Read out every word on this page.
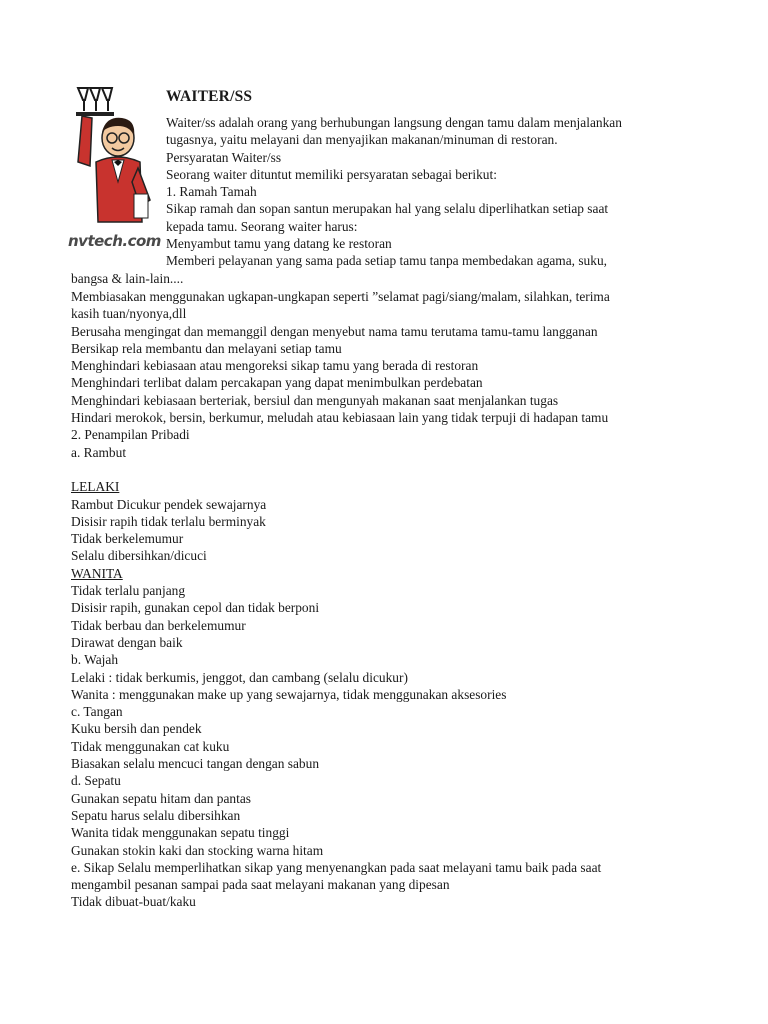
nvtech.com
WAITER/SS
Waiter/ss adalah orang yang berhubungan langsung dengan tamu dalam menjalankan
tugasnya, yaitu melayani dan menyajikan makanan/minuman di restoran.
Persyaratan Waiter/ss
Seorang waiter dituntut memiliki persyaratan sebagai berikut:
1. Ramah Tamah
Sikap ramah dan sopan santun merupakan hal yang selalu diperlihatkan setiap saat
kepada tamu. Seorang waiter harus:
Menyambut tamu yang datang ke restoran
Memberi pelayanan yang sama pada setiap tamu tanpa membedakan agama, suku,
bangsa & lain-lain....
Membiasakan menggunakan ugkapan-ungkapan seperti ”selamat pagi/siang/malam, silahkan, terima
kasih tuan/nyonya,dll
Berusaha mengingat dan memanggil dengan menyebut nama tamu terutama tamu-tamu langganan
Bersikap rela membantu dan melayani setiap tamu
Menghindari kebiasaan atau mengoreksi sikap tamu yang berada di restoran
Menghindari terlibat dalam percakapan yang dapat menimbulkan perdebatan
Menghindari kebiasaan berteriak, bersiul dan mengunyah makanan saat menjalankan tugas
Hindari merokok, bersin, berkumur, meludah atau kebiasaan lain yang tidak terpuji di hadapan tamu
2. Penampilan Pribadi
a. Rambut
LELAKI
Rambut Dicukur pendek sewajarnya
Disisir rapih tidak terlalu berminyak
Tidak berkelemumur
Selalu dibersihkan/dicuci
WANITA
Tidak terlalu panjang
Disisir rapih, gunakan cepol dan tidak berponi
Tidak berbau dan berkelemumur
Dirawat dengan baik
b. Wajah
Lelaki : tidak berkumis, jenggot, dan cambang (selalu dicukur)
Wanita : menggunakan make up yang sewajarnya, tidak menggunakan aksesories
c. Tangan
Kuku bersih dan pendek
Tidak menggunakan cat kuku
Biasakan selalu mencuci tangan dengan sabun
d. Sepatu
Gunakan sepatu hitam dan pantas
Sepatu harus selalu dibersihkan
Wanita tidak menggunakan sepatu tinggi
Gunakan stokin kaki dan stocking warna hitam
e. Sikap Selalu memperlihatkan sikap yang menyenangkan pada saat melayani tamu baik pada saat
mengambil pesanan sampai pada saat melayani makanan yang dipesan
Tidak dibuat-buat/kaku
